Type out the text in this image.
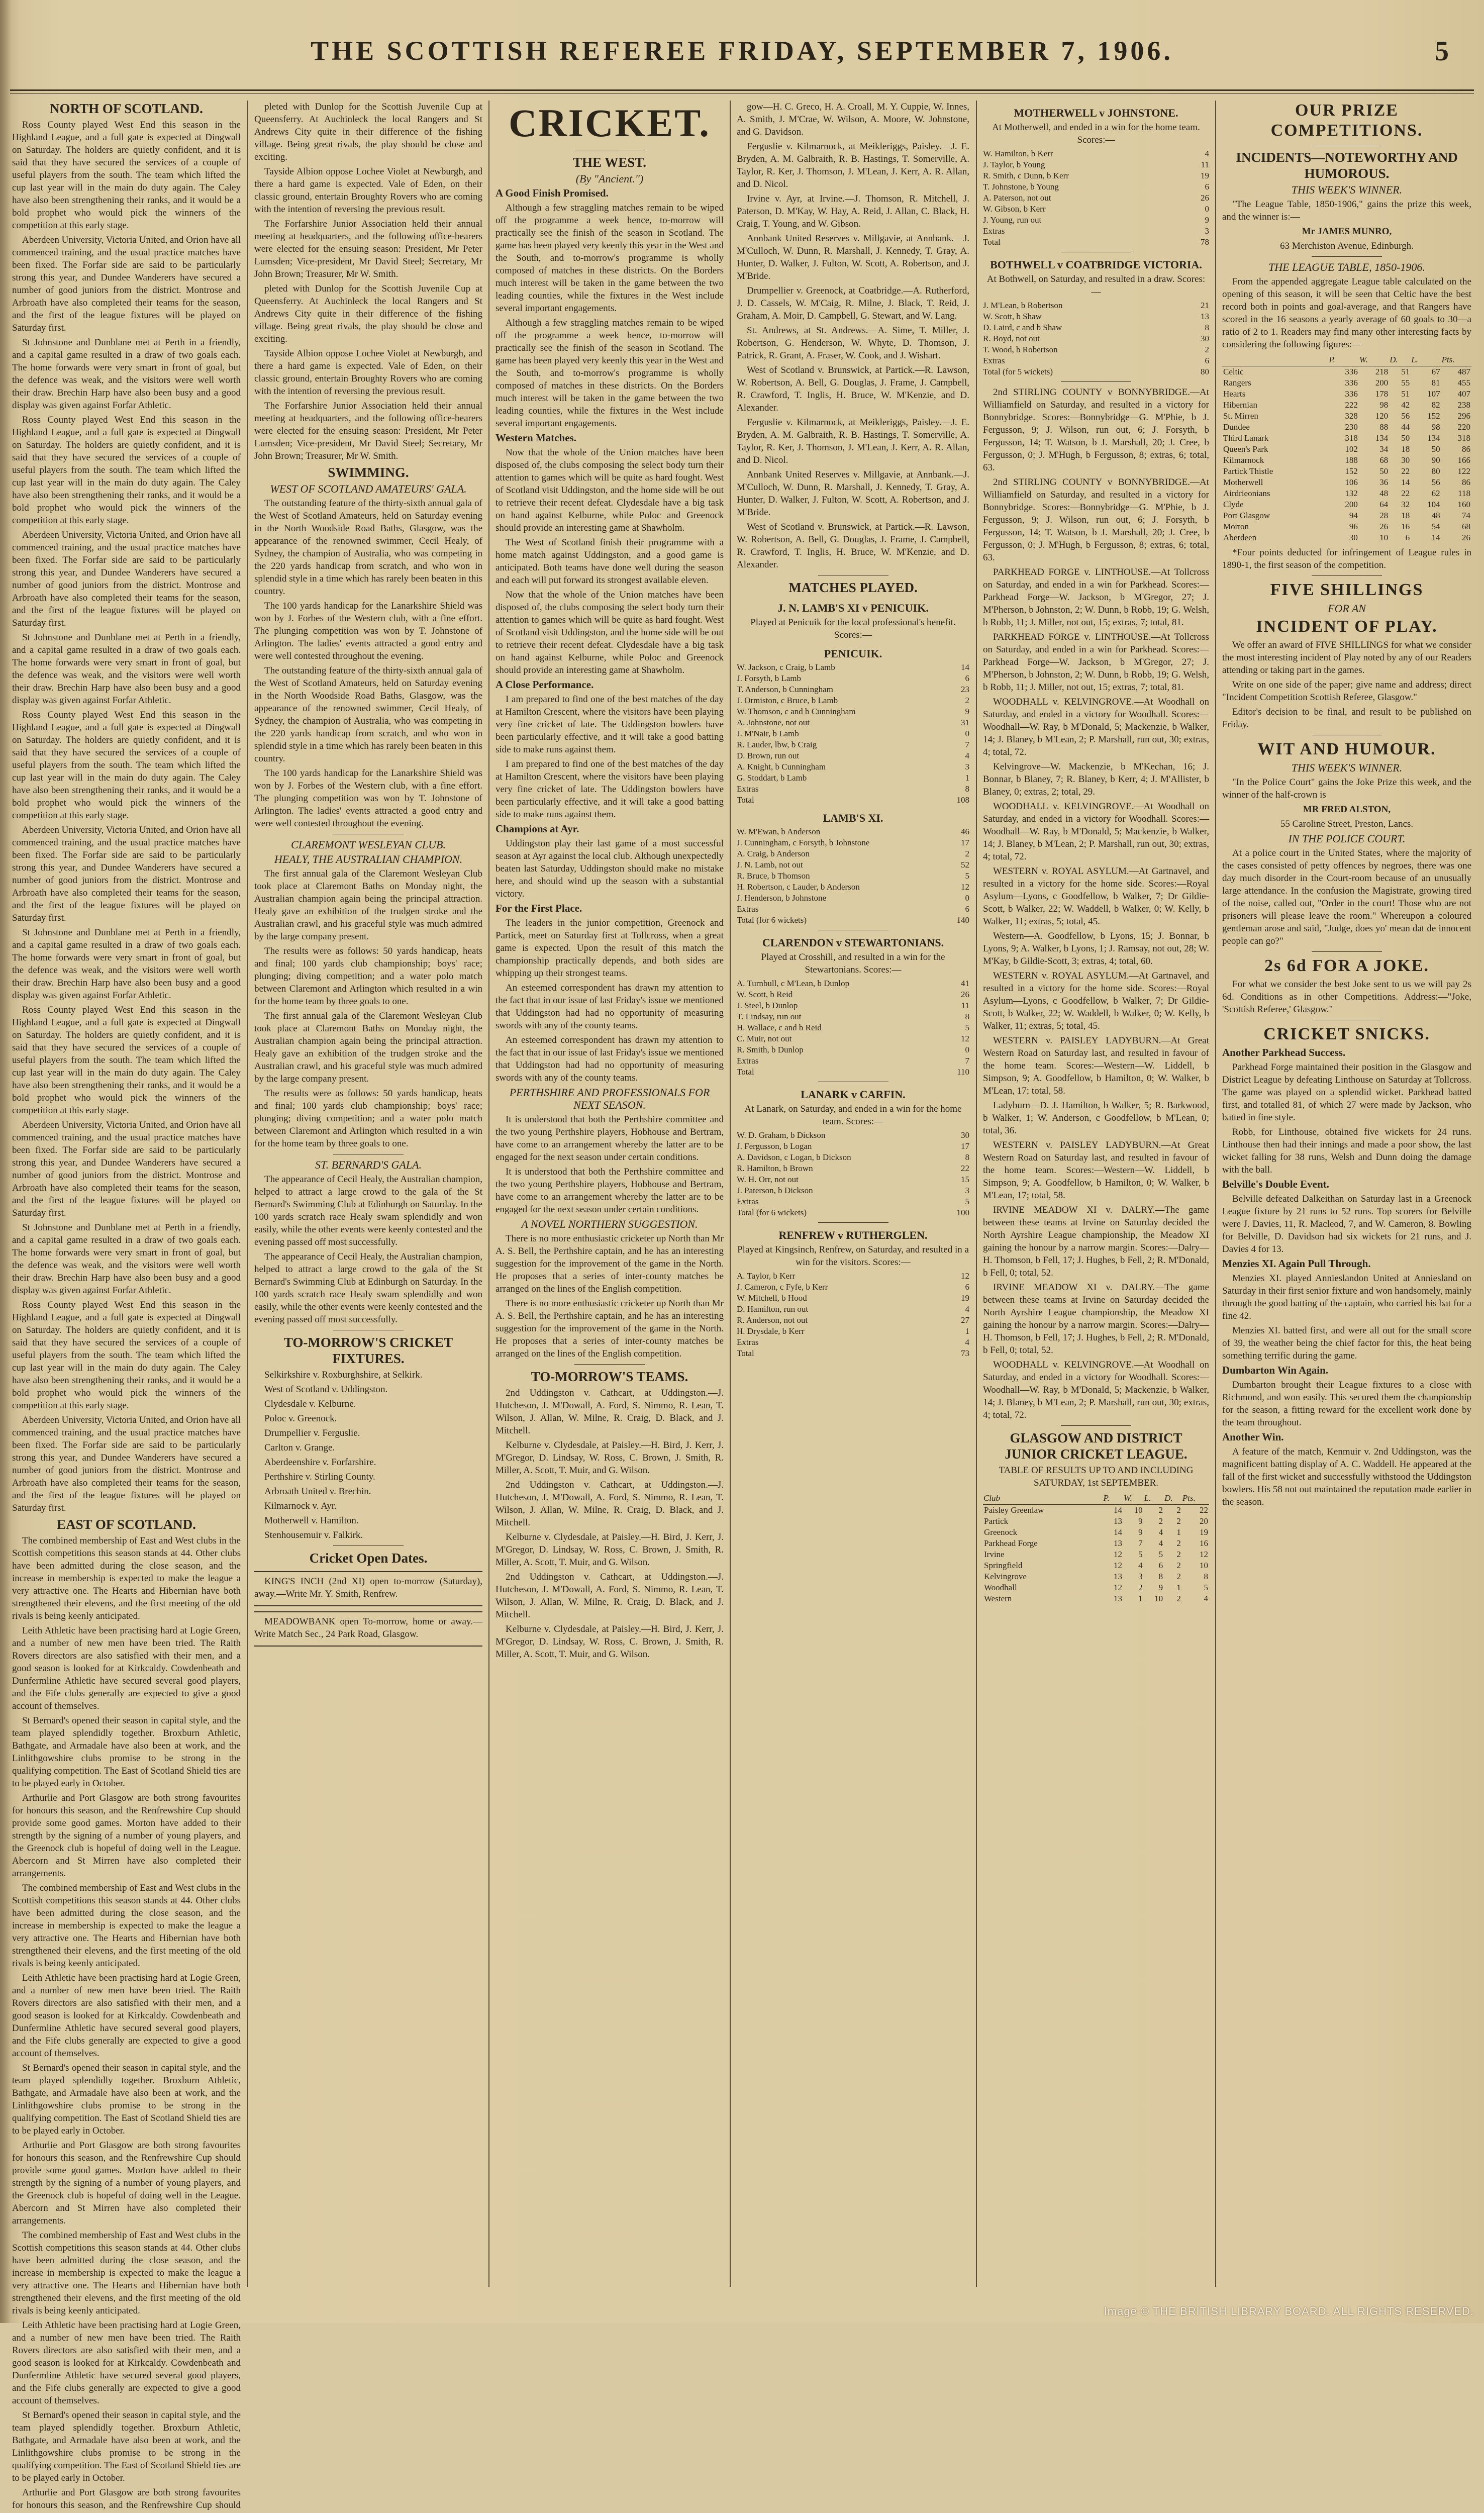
THE SCOTTISH REFEREE FRIDAY, SEPTEMBER 7, 1906.	5

NORTH OF SCOTLAND.

Ross County played West End this season in the Highland League, and a full gate is expected at Dingwall on Saturday. The holders are quietly confident, and it is said that they have secured the services of a couple of useful players from the south. The team which lifted the cup last year will in the main do duty again. The Caley have also been strengthening their ranks, and it would be a bold prophet who would pick the winners of the competition at this early stage.

Aberdeen University, Victoria United, and Orion have all commenced training, and the usual practice matches have been fixed. The Forfar side are said to be particularly strong this year, and Dundee Wanderers have secured a number of good juniors from the district. Montrose and Arbroath have also completed their teams for the season, and the first of the league fixtures will be played on Saturday first.

St Johnstone and Dunblane met at Perth in a friendly, and a capital game resulted in a draw of two goals each. The home forwards were very smart in front of goal, but the defence was weak, and the visitors were well worth their draw. Brechin Harp have also been busy and a good display was given against Forfar Athletic.

Ross County played West End this season in the Highland League, and a full gate is expected at Dingwall on Saturday. The holders are quietly confident, and it is said that they have secured the services of a couple of useful players from the south. The team which lifted the cup last year will in the main do duty again. The Caley have also been strengthening their ranks, and it would be a bold prophet who would pick the winners of the competition at this early stage.

Aberdeen University, Victoria United, and Orion have all commenced training, and the usual practice matches have been fixed. The Forfar side are said to be particularly strong this year, and Dundee Wanderers have secured a number of good juniors from the district. Montrose and Arbroath have also completed their teams for the season, and the first of the league fixtures will be played on Saturday first.

St Johnstone and Dunblane met at Perth in a friendly, and a capital game resulted in a draw of two goals each. The home forwards were very smart in front of goal, but the defence was weak, and the visitors were well worth their draw. Brechin Harp have also been busy and a good display was given against Forfar Athletic.

Ross County played West End this season in the Highland League, and a full gate is expected at Dingwall on Saturday. The holders are quietly confident, and it is said that they have secured the services of a couple of useful players from the south. The team which lifted the cup last year will in the main do duty again. The Caley have also been strengthening their ranks, and it would be a bold prophet who would pick the winners of the competition at this early stage.

Aberdeen University, Victoria United, and Orion have all commenced training, and the usual practice matches have been fixed. The Forfar side are said to be particularly strong this year, and Dundee Wanderers have secured a number of good juniors from the district. Montrose and Arbroath have also completed their teams for the season, and the first of the league fixtures will be played on Saturday first.

St Johnstone and Dunblane met at Perth in a friendly, and a capital game resulted in a draw of two goals each. The home forwards were very smart in front of goal, but the defence was weak, and the visitors were well worth their draw. Brechin Harp have also been busy and a good display was given against Forfar Athletic.

Ross County played West End this season in the Highland League, and a full gate is expected at Dingwall on Saturday. The holders are quietly confident, and it is said that they have secured the services of a couple of useful players from the south. The team which lifted the cup last year will in the main do duty again. The Caley have also been strengthening their ranks, and it would be a bold prophet who would pick the winners of the competition at this early stage.

Aberdeen University, Victoria United, and Orion have all commenced training, and the usual practice matches have been fixed. The Forfar side are said to be particularly strong this year, and Dundee Wanderers have secured a number of good juniors from the district. Montrose and Arbroath have also completed their teams for the season, and the first of the league fixtures will be played on Saturday first.

St Johnstone and Dunblane met at Perth in a friendly, and a capital game resulted in a draw of two goals each. The home forwards were very smart in front of goal, but the defence was weak, and the visitors were well worth their draw. Brechin Harp have also been busy and a good display was given against Forfar Athletic.

Ross County played West End this season in the Highland League, and a full gate is expected at Dingwall on Saturday. The holders are quietly confident, and it is said that they have secured the services of a couple of useful players from the south. The team which lifted the cup last year will in the main do duty again. The Caley have also been strengthening their ranks, and it would be a bold prophet who would pick the winners of the competition at this early stage.

Aberdeen University, Victoria United, and Orion have all commenced training, and the usual practice matches have been fixed. The Forfar side are said to be particularly strong this year, and Dundee Wanderers have secured a number of good juniors from the district. Montrose and Arbroath have also completed their teams for the season, and the first of the league fixtures will be played on Saturday first.

EAST OF SCOTLAND.

The combined membership of East and West clubs in the Scottish competitions this season stands at 44. Other clubs have been admitted during the close season, and the increase in membership is expected to make the league a very attractive one. The Hearts and Hibernian have both strengthened their elevens, and the first meeting of the old rivals is being keenly anticipated.

Leith Athletic have been practising hard at Logie Green, and a number of new men have been tried. The Raith Rovers directors are also satisfied with their men, and a good season is looked for at Kirkcaldy. Cowdenbeath and Dunfermline Athletic have secured several good players, and the Fife clubs generally are expected to give a good account of themselves.

St Bernard's opened their season in capital style, and the team played splendidly together. Broxburn Athletic, Bathgate, and Armadale have also been at work, and the Linlithgowshire clubs promise to be strong in the qualifying competition. The East of Scotland Shield ties are to be played early in October.

Arthurlie and Port Glasgow are both strong favourites for honours this season, and the Renfrewshire Cup should provide some good games. Morton have added to their strength by the signing of a number of young players, and the Greenock club is hopeful of doing well in the League. Abercorn and St Mirren have also completed their arrangements.

The combined membership of East and West clubs in the Scottish competitions this season stands at 44. Other clubs have been admitted during the close season, and the increase in membership is expected to make the league a very attractive one. The Hearts and Hibernian have both strengthened their elevens, and the first meeting of the old rivals is being keenly anticipated.

Leith Athletic have been practising hard at Logie Green, and a number of new men have been tried. The Raith Rovers directors are also satisfied with their men, and a good season is looked for at Kirkcaldy. Cowdenbeath and Dunfermline Athletic have secured several good players, and the Fife clubs generally are expected to give a good account of themselves.

St Bernard's opened their season in capital style, and the team played splendidly together. Broxburn Athletic, Bathgate, and Armadale have also been at work, and the Linlithgowshire clubs promise to be strong in the qualifying competition. The East of Scotland Shield ties are to be played early in October.

Arthurlie and Port Glasgow are both strong favourites for honours this season, and the Renfrewshire Cup should provide some good games. Morton have added to their strength by the signing of a number of young players, and the Greenock club is hopeful of doing well in the League. Abercorn and St Mirren have also completed their arrangements.

The combined membership of East and West clubs in the Scottish competitions this season stands at 44. Other clubs have been admitted during the close season, and the increase in membership is expected to make the league a very attractive one. The Hearts and Hibernian have both strengthened their elevens, and the first meeting of the old rivals is being keenly anticipated.

Leith Athletic have been practising hard at Logie Green, and a number of new men have been tried. The Raith Rovers directors are also satisfied with their men, and a good season is looked for at Kirkcaldy. Cowdenbeath and Dunfermline Athletic have secured several good players, and the Fife clubs generally are expected to give a good account of themselves.

St Bernard's opened their season in capital style, and the team played splendidly together. Broxburn Athletic, Bathgate, and Armadale have also been at work, and the Linlithgowshire clubs promise to be strong in the qualifying competition. The East of Scotland Shield ties are to be played early in October.

Arthurlie and Port Glasgow are both strong favourites for honours this season, and the Renfrewshire Cup should

pleted with Dunlop for the Scottish Juvenile Cup at Queensferry. At Auchinleck the local Rangers and St Andrews City quite in their difference of the fishing village. Being great rivals, the play should be close and exciting.

Tayside Albion oppose Lochee Violet at Newburgh, and there a hard game is expected. Vale of Eden, on their classic ground, entertain Broughty Rovers who are coming with the intention of reversing the previous result.

The Forfarshire Junior Association held their annual meeting at headquarters, and the following office-bearers were elected for the ensuing season: President, Mr Peter Lumsden; Vice-president, Mr David Steel; Secretary, Mr John Brown; Treasurer, Mr W. Smith.

pleted with Dunlop for the Scottish Juvenile Cup at Queensferry. At Auchinleck the local Rangers and St Andrews City quite in their difference of the fishing village. Being great rivals, the play should be close and exciting.

Tayside Albion oppose Lochee Violet at Newburgh, and there a hard game is expected. Vale of Eden, on their classic ground, entertain Broughty Rovers who are coming with the intention of reversing the previous result.

The Forfarshire Junior Association held their annual meeting at headquarters, and the following office-bearers were elected for the ensuing season: President, Mr Peter Lumsden; Vice-president, Mr David Steel; Secretary, Mr John Brown; Treasurer, Mr W. Smith.

SWIMMING.

WEST OF SCOTLAND AMATEURS' GALA.

The outstanding feature of the thirty-sixth annual gala of the West of Scotland Amateurs, held on Saturday evening in the North Woodside Road Baths, Glasgow, was the appearance of the renowned swimmer, Cecil Healy, of Sydney, the champion of Australia, who was competing in the 220 yards handicap from scratch, and who won in splendid style in a time which has rarely been beaten in this country.

The 100 yards handicap for the Lanarkshire Shield was won by J. Forbes of the Western club, with a fine effort. The plunging competition was won by T. Johnstone of Arlington. The ladies' events attracted a good entry and were well contested throughout the evening.

The outstanding feature of the thirty-sixth annual gala of the West of Scotland Amateurs, held on Saturday evening in the North Woodside Road Baths, Glasgow, was the appearance of the renowned swimmer, Cecil Healy, of Sydney, the champion of Australia, who was competing in the 220 yards handicap from scratch, and who won in splendid style in a time which has rarely been beaten in this country.

The 100 yards handicap for the Lanarkshire Shield was won by J. Forbes of the Western club, with a fine effort. The plunging competition was won by T. Johnstone of Arlington. The ladies' events attracted a good entry and were well contested throughout the evening.

CLAREMONT WESLEYAN CLUB.

HEALY, THE AUSTRALIAN CHAMPION.

The first annual gala of the Claremont Wesleyan Club took place at Claremont Baths on Monday night, the Australian champion again being the principal attraction. Healy gave an exhibition of the trudgen stroke and the Australian crawl, and his graceful style was much admired by the large company present.

The results were as follows: 50 yards handicap, heats and final; 100 yards club championship; boys' race; plunging; diving competition; and a water polo match between Claremont and Arlington which resulted in a win for the home team by three goals to one.

The first annual gala of the Claremont Wesleyan Club took place at Claremont Baths on Monday night, the Australian champion again being the principal attraction. Healy gave an exhibition of the trudgen stroke and the Australian crawl, and his graceful style was much admired by the large company present.

The results were as follows: 50 yards handicap, heats and final; 100 yards club championship; boys' race; plunging; diving competition; and a water polo match between Claremont and Arlington which resulted in a win for the home team by three goals to one.

ST. BERNARD'S GALA.

The appearance of Cecil Healy, the Australian champion, helped to attract a large crowd to the gala of the St Bernard's Swimming Club at Edinburgh on Saturday. In the 100 yards scratch race Healy swam splendidly and won easily, while the other events were keenly contested and the evening passed off most successfully.

The appearance of Cecil Healy, the Australian champion, helped to attract a large crowd to the gala of the St Bernard's Swimming Club at Edinburgh on Saturday. In the 100 yards scratch race Healy swam splendidly and won easily, while the other events were keenly contested and the evening passed off most successfully.

TO-MORROW'S CRICKET FIXTURES.

Selkirkshire v. Roxburghshire, at Selkirk.

West of Scotland v. Uddingston.

Clydesdale v. Kelburne.

Poloc v. Greenock.

Drumpellier v. Ferguslie.

Carlton v. Grange.

Aberdeenshire v. Forfarshire.

Perthshire v. Stirling County.

Arbroath United v. Brechin.

Kilmarnock v. Ayr.

Motherwell v. Hamilton.

Stenhousemuir v. Falkirk.

Cricket Open Dates.

KING'S INCH (2nd XI) open to-morrow (Saturday), away.—Write Mr. Y. Smith, Renfrew.

MEADOWBANK open To-morrow, home or away.—Write Match Sec., 24 Park Road, Glasgow.

CRICKET.

THE WEST.

(By "Ancient.")

A Good Finish Promised.

Although a few straggling matches remain to be wiped off the programme a week hence, to-morrow will practically see the finish of the season in Scotland. The game has been played very keenly this year in the West and the South, and to-morrow's programme is wholly composed of matches in these districts. On the Borders much interest will be taken in the game between the two leading counties, while the fixtures in the West include several important engagements.

Although a few straggling matches remain to be wiped off the programme a week hence, to-morrow will practically see the finish of the season in Scotland. The game has been played very keenly this year in the West and the South, and to-morrow's programme is wholly composed of matches in these districts. On the Borders much interest will be taken in the game between the two leading counties, while the fixtures in the West include several important engagements.

Western Matches.

Now that the whole of the Union matches have been disposed of, the clubs composing the select body turn their attention to games which will be quite as hard fought. West of Scotland visit Uddingston, and the home side will be out to retrieve their recent defeat. Clydesdale have a big task on hand against Kelburne, while Poloc and Greenock should provide an interesting game at Shawholm.

The West of Scotland finish their programme with a home match against Uddingston, and a good game is anticipated. Both teams have done well during the season and each will put forward its strongest available eleven.

Now that the whole of the Union matches have been disposed of, the clubs composing the select body turn their attention to games which will be quite as hard fought. West of Scotland visit Uddingston, and the home side will be out to retrieve their recent defeat. Clydesdale have a big task on hand against Kelburne, while Poloc and Greenock should provide an interesting game at Shawholm.

A Close Performance.

I am prepared to find one of the best matches of the day at Hamilton Crescent, where the visitors have been playing very fine cricket of late. The Uddingston bowlers have been particularly effective, and it will take a good batting side to make runs against them.

I am prepared to find one of the best matches of the day at Hamilton Crescent, where the visitors have been playing very fine cricket of late. The Uddingston bowlers have been particularly effective, and it will take a good batting side to make runs against them.

Champions at Ayr.

Uddingston play their last game of a most successful season at Ayr against the local club. Although unexpectedly beaten last Saturday, Uddingston should make no mistake here, and should wind up the season with a substantial victory.

For the First Place.

The leaders in the junior competition, Greenock and Partick, meet on Saturday first at Tollcross, when a great game is expected. Upon the result of this match the championship practically depends, and both sides are whipping up their strongest teams.

An esteemed correspondent has drawn my attention to the fact that in our issue of last Friday's issue we mentioned that Uddingston had had no opportunity of measuring swords with any of the county teams.

An esteemed correspondent has drawn my attention to the fact that in our issue of last Friday's issue we mentioned that Uddingston had had no opportunity of measuring swords with any of the county teams.

PERTHSHIRE AND PROFESSIONALS FOR NEXT SEASON.

It is understood that both the Perthshire committee and the two young Perthshire players, Hobhouse and Bertram, have come to an arrangement whereby the latter are to be engaged for the next season under certain conditions.

It is understood that both the Perthshire committee and the two young Perthshire players, Hobhouse and Bertram, have come to an arrangement whereby the latter are to be engaged for the next season under certain conditions.

A NOVEL NORTHERN SUGGESTION.

There is no more enthusiastic cricketer up North than Mr A. S. Bell, the Perthshire captain, and he has an interesting suggestion for the improvement of the game in the North. He proposes that a series of inter-county matches be arranged on the lines of the English competition.

There is no more enthusiastic cricketer up North than Mr A. S. Bell, the Perthshire captain, and he has an interesting suggestion for the improvement of the game in the North. He proposes that a series of inter-county matches be arranged on the lines of the English competition.

TO-MORROW'S TEAMS.

2nd Uddingston v. Cathcart, at Uddingston.—J. Hutcheson, J. M'Dowall, A. Ford, S. Nimmo, R. Lean, T. Wilson, J. Allan, W. Milne, R. Craig, D. Black, and J. Mitchell.

Kelburne v. Clydesdale, at Paisley.—H. Bird, J. Kerr, J. M'Gregor, D. Lindsay, W. Ross, C. Brown, J. Smith, R. Miller, A. Scott, T. Muir, and G. Wilson.

2nd Uddingston v. Cathcart, at Uddingston.—J. Hutcheson, J. M'Dowall, A. Ford, S. Nimmo, R. Lean, T. Wilson, J. Allan, W. Milne, R. Craig, D. Black, and J. Mitchell.

Kelburne v. Clydesdale, at Paisley.—H. Bird, J. Kerr, J. M'Gregor, D. Lindsay, W. Ross, C. Brown, J. Smith, R. Miller, A. Scott, T. Muir, and G. Wilson.

2nd Uddingston v. Cathcart, at Uddingston.—J. Hutcheson, J. M'Dowall, A. Ford, S. Nimmo, R. Lean, T. Wilson, J. Allan, W. Milne, R. Craig, D. Black, and J. Mitchell.

Kelburne v. Clydesdale, at Paisley.—H. Bird, J. Kerr, J. M'Gregor, D. Lindsay, W. Ross, C. Brown, J. Smith, R. Miller, A. Scott, T. Muir, and G. Wilson.

gow—H. C. Greco, H. A. Croall, M. Y. Cuppie, W. Innes, A. Smith, J. M'Crae, W. Wilson, A. Moore, W. Johnstone, and G. Davidson.

Ferguslie v. Kilmarnock, at Meikleriggs, Paisley.—J. E. Bryden, A. M. Galbraith, R. B. Hastings, T. Somerville, A. Taylor, R. Ker, J. Thomson, J. M'Lean, J. Kerr, A. R. Allan, and D. Nicol.

Irvine v. Ayr, at Irvine.—J. Thomson, R. Mitchell, J. Paterson, D. M'Kay, W. Hay, A. Reid, J. Allan, C. Black, H. Craig, T. Young, and W. Gibson.

Annbank United Reserves v. Millgavie, at Annbank.—J. M'Culloch, W. Dunn, R. Marshall, J. Kennedy, T. Gray, A. Hunter, D. Walker, J. Fulton, W. Scott, A. Robertson, and J. M'Bride.

Drumpellier v. Greenock, at Coatbridge.—A. Rutherford, J. D. Cassels, W. M'Caig, R. Milne, J. Black, T. Reid, J. Graham, A. Moir, D. Campbell, G. Stewart, and W. Lang.

St. Andrews, at St. Andrews.—A. Sime, T. Miller, J. Robertson, G. Henderson, W. Whyte, D. Thomson, J. Patrick, R. Grant, A. Fraser, W. Cook, and J. Wishart.

West of Scotland v. Brunswick, at Partick.—R. Lawson, W. Robertson, A. Bell, G. Douglas, J. Frame, J. Campbell, R. Crawford, T. Inglis, H. Bruce, W. M'Kenzie, and D. Alexander.

Ferguslie v. Kilmarnock, at Meikleriggs, Paisley.—J. E. Bryden, A. M. Galbraith, R. B. Hastings, T. Somerville, A. Taylor, R. Ker, J. Thomson, J. M'Lean, J. Kerr, A. R. Allan, and D. Nicol.

Annbank United Reserves v. Millgavie, at Annbank.—J. M'Culloch, W. Dunn, R. Marshall, J. Kennedy, T. Gray, A. Hunter, D. Walker, J. Fulton, W. Scott, A. Robertson, and J. M'Bride.

West of Scotland v. Brunswick, at Partick.—R. Lawson, W. Robertson, A. Bell, G. Douglas, J. Frame, J. Campbell, R. Crawford, T. Inglis, H. Bruce, W. M'Kenzie, and D. Alexander.

MATCHES PLAYED.

J. N. LAMB'S XI v PENICUIK.

Played at Penicuik for the local professional's benefit. Scores:—

PENICUIK.
W. Jackson, c Craig, b Lamb	14
J. Forsyth, b Lamb	6
T. Anderson, b Cunningham	23
J. Ormiston, c Bruce, b Lamb	2
W. Thomson, c and b Cunningham	9
A. Johnstone, not out	31
J. M'Nair, b Lamb	0
R. Lauder, lbw, b Craig	7
D. Brown, run out	4
A. Knight, b Cunningham	3
G. Stoddart, b Lamb	1
Extras	8
Total	108
LAMB'S XI.
W. M'Ewan, b Anderson	46
J. Cunningham, c Forsyth, b Johnstone	17
A. Craig, b Anderson	2
J. N. Lamb, not out	52
R. Bruce, b Thomson	5
H. Robertson, c Lauder, b Anderson	12
J. Henderson, b Johnstone	0
Extras	6
Total (for 6 wickets)	140
CLARENDON v STEWARTONIANS.

Played at Crosshill, and resulted in a win for the Stewartonians. Scores:—

A. Turnbull, c M'Lean, b Dunlop	41
W. Scott, b Reid	26
J. Steel, b Dunlop	11
T. Lindsay, run out	8
H. Wallace, c and b Reid	5
C. Muir, not out	12
R. Smith, b Dunlop	0
Extras	7
Total	110
LANARK v CARFIN.

At Lanark, on Saturday, and ended in a win for the home team. Scores:—

W. D. Graham, b Dickson	30
J. Fergusson, b Logan	17
A. Davidson, c Logan, b Dickson	8
R. Hamilton, b Brown	22
W. H. Orr, not out	15
J. Paterson, b Dickson	3
Extras	5
Total (for 6 wickets)	100
RENFREW v RUTHERGLEN.

Played at Kingsinch, Renfrew, on Saturday, and resulted in a win for the visitors. Scores:—

A. Taylor, b Kerr	12
J. Cameron, c Fyfe, b Kerr	6
W. Mitchell, b Hood	19
D. Hamilton, run out	4
R. Anderson, not out	27
H. Drysdale, b Kerr	1
Extras	4
Total	73
MOTHERWELL v JOHNSTONE.

At Motherwell, and ended in a win for the home team. Scores:—

W. Hamilton, b Kerr	4
J. Taylor, b Young	11
R. Smith, c Dunn, b Kerr	19
T. Johnstone, b Young	6
A. Paterson, not out	26
W. Gibson, b Kerr	0
J. Young, run out	9
Extras	3
Total	78
BOTHWELL v COATBRIDGE VICTORIA.

At Bothwell, on Saturday, and resulted in a draw. Scores:—

J. M'Lean, b Robertson	21
W. Scott, b Shaw	13
D. Laird, c and b Shaw	8
R. Boyd, not out	30
T. Wood, b Robertson	2
Extras	6
Total (for 5 wickets)	80

2nd STIRLING COUNTY v BONNYBRIDGE.—At Williamfield on Saturday, and resulted in a victory for Bonnybridge. Scores:—Bonnybridge—G. M'Phie, b J. Fergusson, 9; J. Wilson, run out, 6; J. Forsyth, b Fergusson, 14; T. Watson, b J. Marshall, 20; J. Cree, b Fergusson, 0; J. M'Hugh, b Fergusson, 8; extras, 6; total, 63.

2nd STIRLING COUNTY v BONNYBRIDGE.—At Williamfield on Saturday, and resulted in a victory for Bonnybridge. Scores:—Bonnybridge—G. M'Phie, b J. Fergusson, 9; J. Wilson, run out, 6; J. Forsyth, b Fergusson, 14; T. Watson, b J. Marshall, 20; J. Cree, b Fergusson, 0; J. M'Hugh, b Fergusson, 8; extras, 6; total, 63.

PARKHEAD FORGE v. LINTHOUSE.—At Tollcross on Saturday, and ended in a win for Parkhead. Scores:—Parkhead Forge—W. Jackson, b M'Gregor, 27; J. M'Pherson, b Johnston, 2; W. Dunn, b Robb, 19; G. Welsh, b Robb, 11; J. Miller, not out, 15; extras, 7; total, 81.

PARKHEAD FORGE v. LINTHOUSE.—At Tollcross on Saturday, and ended in a win for Parkhead. Scores:—Parkhead Forge—W. Jackson, b M'Gregor, 27; J. M'Pherson, b Johnston, 2; W. Dunn, b Robb, 19; G. Welsh, b Robb, 11; J. Miller, not out, 15; extras, 7; total, 81.

WOODHALL v. KELVINGROVE.—At Woodhall on Saturday, and ended in a victory for Woodhall. Scores:—Woodhall—W. Ray, b M'Donald, 5; Mackenzie, b Walker, 14; J. Blaney, b M'Lean, 2; P. Marshall, run out, 30; extras, 4; total, 72.

Kelvingrove—W. Mackenzie, b M'Kechan, 16; J. Bonnar, b Blaney, 7; R. Blaney, b Kerr, 4; J. M'Allister, b Blaney, 0; extras, 2; total, 29.

WOODHALL v. KELVINGROVE.—At Woodhall on Saturday, and ended in a victory for Woodhall. Scores:—Woodhall—W. Ray, b M'Donald, 5; Mackenzie, b Walker, 14; J. Blaney, b M'Lean, 2; P. Marshall, run out, 30; extras, 4; total, 72.

WESTERN v. ROYAL ASYLUM.—At Gartnavel, and resulted in a victory for the home side. Scores:—Royal Asylum—Lyons, c Goodfellow, b Walker, 7; Dr Gildie-Scott, b Walker, 22; W. Waddell, b Walker, 0; W. Kelly, b Walker, 11; extras, 5; total, 45.

Western—A. Goodfellow, b Lyons, 15; J. Bonnar, b Lyons, 9; A. Walker, b Lyons, 1; J. Ramsay, not out, 28; W. M'Kay, b Gildie-Scott, 3; extras, 4; total, 60.

WESTERN v. ROYAL ASYLUM.—At Gartnavel, and resulted in a victory for the home side. Scores:—Royal Asylum—Lyons, c Goodfellow, b Walker, 7; Dr Gildie-Scott, b Walker, 22; W. Waddell, b Walker, 0; W. Kelly, b Walker, 11; extras, 5; total, 45.

WESTERN v. PAISLEY LADYBURN.—At Great Western Road on Saturday last, and resulted in favour of the home team. Scores:—Western—W. Liddell, b Simpson, 9; A. Goodfellow, b Hamilton, 0; W. Walker, b M'Lean, 17; total, 58.

Ladyburn—D. J. Hamilton, b Walker, 5; R. Barkwood, b Walker, 1; W. Anderson, c Goodfellow, b M'Lean, 0; total, 36.

WESTERN v. PAISLEY LADYBURN.—At Great Western Road on Saturday last, and resulted in favour of the home team. Scores:—Western—W. Liddell, b Simpson, 9; A. Goodfellow, b Hamilton, 0; W. Walker, b M'Lean, 17; total, 58.

IRVINE MEADOW XI v. DALRY.—The game between these teams at Irvine on Saturday decided the North Ayrshire League championship, the Meadow XI gaining the honour by a narrow margin. Scores:—Dalry—H. Thomson, b Fell, 17; J. Hughes, b Fell, 2; R. M'Donald, b Fell, 0; total, 52.

IRVINE MEADOW XI v. DALRY.—The game between these teams at Irvine on Saturday decided the North Ayrshire League championship, the Meadow XI gaining the honour by a narrow margin. Scores:—Dalry—H. Thomson, b Fell, 17; J. Hughes, b Fell, 2; R. M'Donald, b Fell, 0; total, 52.

WOODHALL v. KELVINGROVE.—At Woodhall on Saturday, and ended in a victory for Woodhall. Scores:—Woodhall—W. Ray, b M'Donald, 5; Mackenzie, b Walker, 14; J. Blaney, b M'Lean, 2; P. Marshall, run out, 30; extras, 4; total, 72.

GLASGOW AND DISTRICT JUNIOR CRICKET LEAGUE.

TABLE OF RESULTS UP TO AND INCLUDING SATURDAY, 1st SEPTEMBER.

Club	P.	W.	L.	D.	Pts.
Paisley Greenlaw	14	10	2	2	22
Partick	13	9	2	2	20
Greenock	14	9	4	1	19
Parkhead Forge	13	7	4	2	16
Irvine	12	5	5	2	12
Springfield	12	4	6	2	10
Kelvingrove	13	3	8	2	8
Woodhall	12	2	9	1	5
Western	13	1	10	2	4

OUR PRIZE COMPETITIONS.

INCIDENTS—NOTEWORTHY AND HUMOROUS.

THIS WEEK'S WINNER.

"The League Table, 1850-1906," gains the prize this week, and the winner is:—

Mr JAMES MUNRO,

63 Merchiston Avenue, Edinburgh.

THE LEAGUE TABLE, 1850-1906.

From the appended aggregate League table calculated on the opening of this season, it will be seen that Celtic have the best record both in points and goal-average, and that Rangers have scored in the 16 seasons a yearly average of 60 goals to 30—a ratio of 2 to 1. Readers may find many other interesting facts by considering the following figures:—

	P.	W.	D.	L.	Pts.
Celtic	336	218	51	67	487
Rangers	336	200	55	81	455
Hearts	336	178	51	107	407
Hibernian	222	98	42	82	238
St. Mirren	328	120	56	152	296
Dundee	230	88	44	98	220
Third Lanark	318	134	50	134	318
Queen's Park	102	34	18	50	86
Kilmarnock	188	68	30	90	166
Partick Thistle	152	50	22	80	122
Motherwell	106	36	14	56	86
Airdrieonians	132	48	22	62	118
Clyde	200	64	32	104	160
Port Glasgow	94	28	18	48	74
Morton	96	26	16	54	68
Aberdeen	30	10	6	14	26

*Four points deducted for infringement of League rules in 1890-1, the first season of the competition.

FIVE SHILLINGS

FOR AN

INCIDENT OF PLAY.

We offer an award of FIVE SHILLINGS for what we consider the most interesting incident of Play noted by any of our Readers attending or taking part in the games.

Write on one side of the paper; give name and address; direct "Incident Competition Scottish Referee, Glasgow."

Editor's decision to be final, and result to be published on Friday.

WIT AND HUMOUR.

THIS WEEK'S WINNER.

"In the Police Court" gains the Joke Prize this week, and the winner of the half-crown is

MR FRED ALSTON,

55 Caroline Street, Preston, Lancs.

IN THE POLICE COURT.

At a police court in the United States, where the majority of the cases consisted of petty offences by negroes, there was one day much disorder in the Court-room because of an unusually large attendance. In the confusion the Magistrate, growing tired of the noise, called out, "Order in the court! Those who are not prisoners will please leave the room." Whereupon a coloured gentleman arose and said, "Judge, does yo' mean dat de innocent people can go?"

2s 6d FOR A JOKE.

For what we consider the best Joke sent to us we will pay 2s 6d. Conditions as in other Competitions. Address:—"Joke, 'Scottish Referee,' Glasgow."

CRICKET SNICKS.

Another Parkhead Success.

Parkhead Forge maintained their position in the Glasgow and District League by defeating Linthouse on Saturday at Tollcross. The game was played on a splendid wicket. Parkhead batted first, and totalled 81, of which 27 were made by Jackson, who batted in fine style.

Robb, for Linthouse, obtained five wickets for 24 runs. Linthouse then had their innings and made a poor show, the last wicket falling for 38 runs, Welsh and Dunn doing the damage with the ball.

Belville's Double Event.

Belville defeated Dalkeithan on Saturday last in a Greenock League fixture by 21 runs to 52 runs. Top scorers for Belville were J. Davies, 11, R. Macleod, 7, and W. Cameron, 8. Bowling for Belville, D. Davidson had six wickets for 21 runs, and J. Davies 4 for 13.

Menzies XI. Again Pull Through.

Menzies XI. played Annieslandon United at Anniesland on Saturday in their first senior fixture and won handsomely, mainly through the good batting of the captain, who carried his bat for a fine 42.

Menzies XI. batted first, and were all out for the small score of 39, the weather being the chief factor for this, the heat being something terrific during the game.

Dumbarton Win Again.

Dumbarton brought their League fixtures to a close with Richmond, and won easily. This secured them the championship for the season, a fitting reward for the excellent work done by the team throughout.

Another Win.

A feature of the match, Kenmuir v. 2nd Uddingston, was the magnificent batting display of A. C. Waddell. He appeared at the fall of the first wicket and successfully withstood the Uddingston bowlers. His 58 not out maintained the reputation made earlier in the season.

Image © THE BRITISH LIBRARY BOARD. ALL RIGHTS RESERVED.
